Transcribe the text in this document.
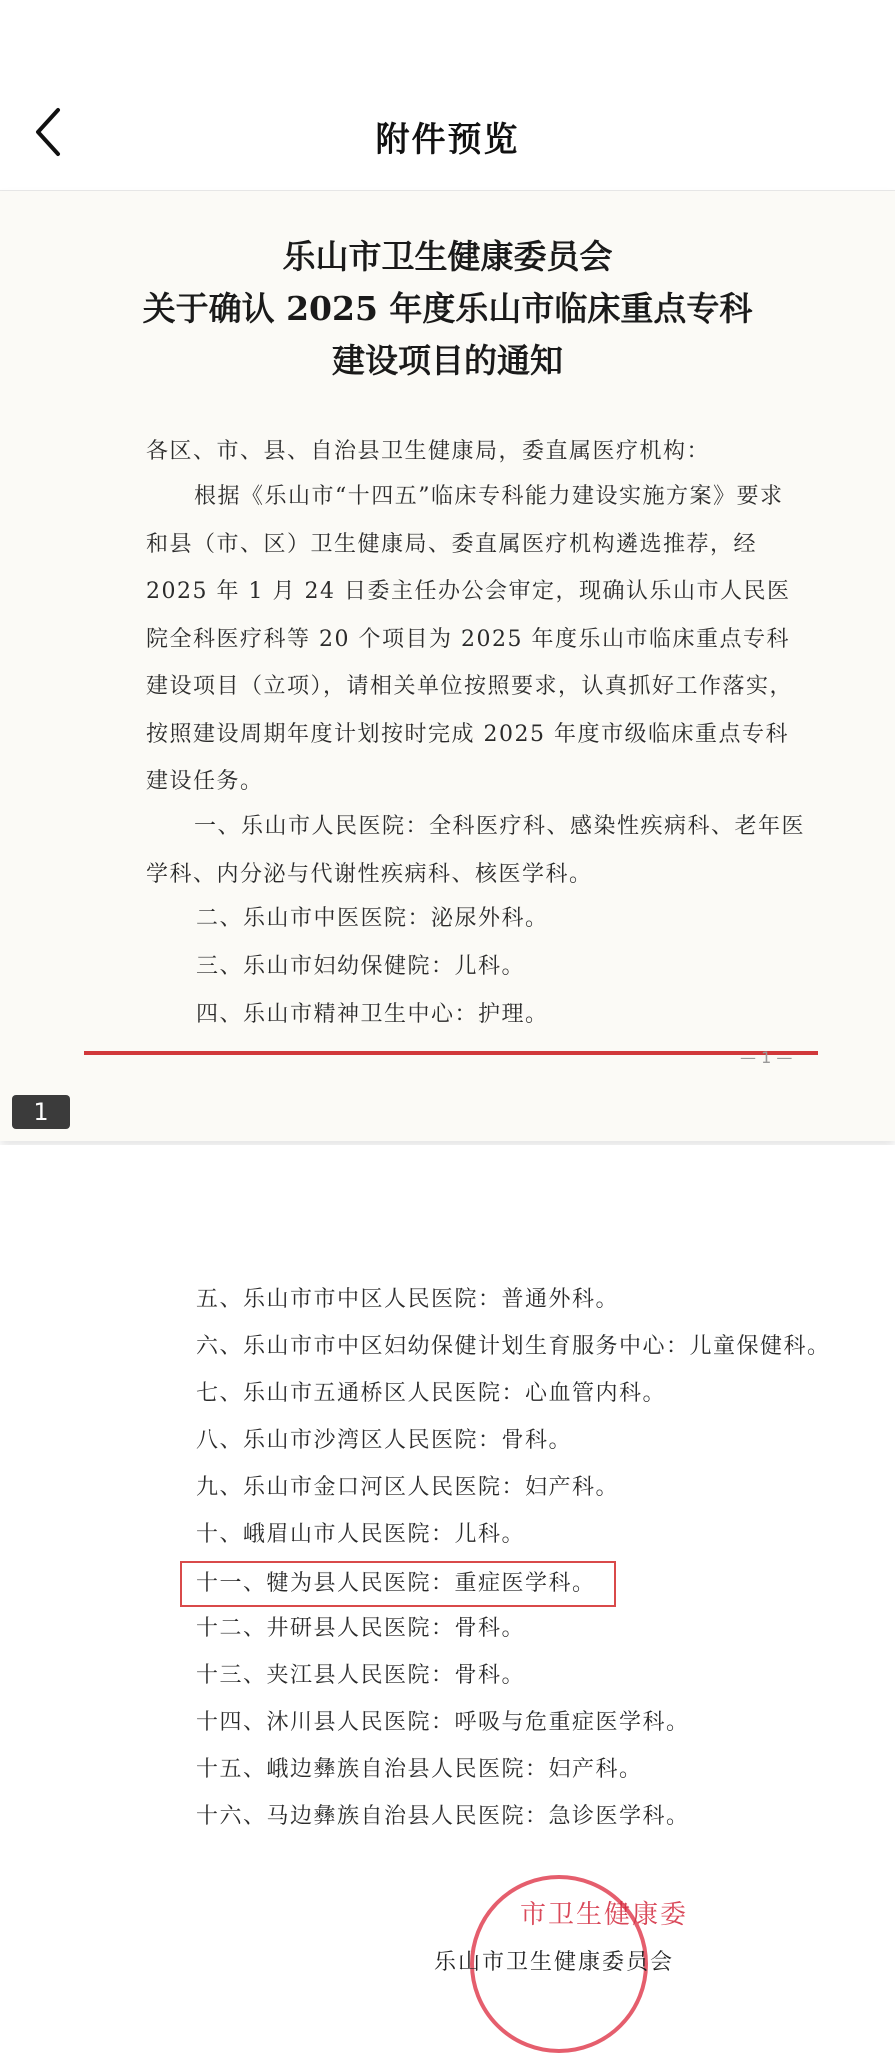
附件预览
乐山市卫生健康委员会
关于确认 2025 年度乐山市临床重点专科
建设项目的通知
各区、市、县、自治县卫生健康局，委直属医疗机构：

根据《乐山市“十四五”临床专科能力建设实施方案》要求和县（市、区）卫生健康局、委直属医疗机构遴选推荐，经 2025 年 1 月 24 日委主任办公会审定，现确认乐山市人民医院全科医疗科等 20 个项目为 2025 年度乐山市临床重点专科建设项目（立项），请相关单位按照要求，认真抓好工作落实，按照建设周期年度计划按时完成 2025 年度市级临床重点专科建设任务。

一、乐山市人民医院：全科医疗科、感染性疾病科、老年医学科、内分泌与代谢性疾病科、核医学科。

二、乐山市中医医院：泌尿外科。
三、乐山市妇幼保健院：儿科。
四、乐山市精神卫生中心：护理。
— 1 —
1
五、乐山市市中区人民医院：普通外科。
六、乐山市市中区妇幼保健计划生育服务中心：儿童保健科。
七、乐山市五通桥区人民医院：心血管内科。
八、乐山市沙湾区人民医院：骨科。
九、乐山市金口河区人民医院：妇产科。
十、峨眉山市人民医院：儿科。
十一、犍为县人民医院：重症医学科。
十二、井研县人民医院：骨科。
十三、夹江县人民医院：骨科。
十四、沐川县人民医院：呼吸与危重症医学科。
十五、峨边彝族自治县人民医院：妇产科。
十六、马边彝族自治县人民医院：急诊医学科。
市卫生健康委
乐山市卫生健康委员会
